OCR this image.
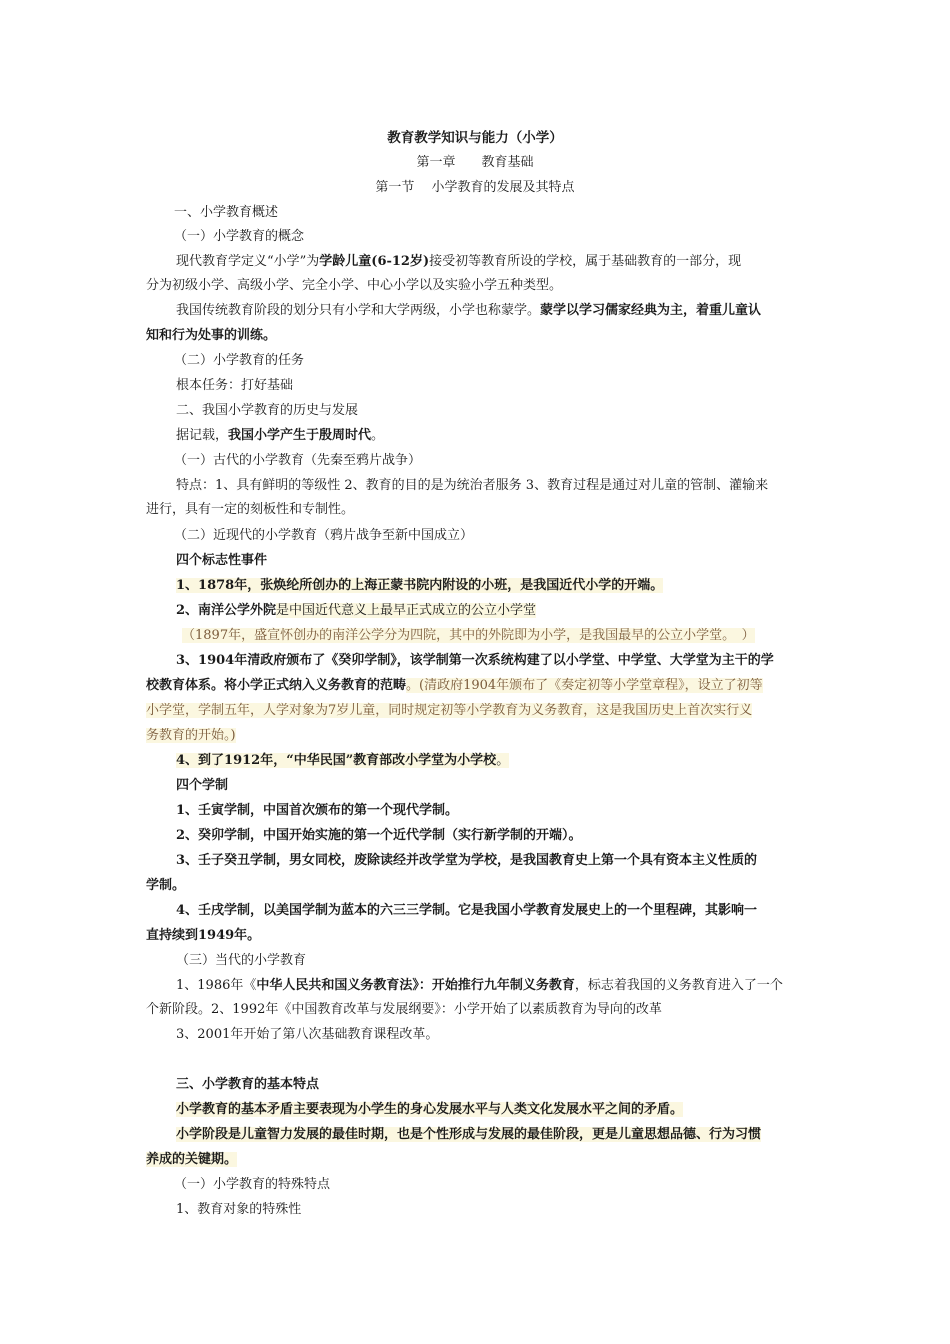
教育教学知识与能力（小学）
第一章　　教育基础
第一节　 小学教育的发展及其特点
一、小学教育概述
（一）小学教育的概念
现代教育学定义“小学”为学龄儿童(6-12岁)接受初等教育所设的学校，属于基础教育的一部分，现
分为初级小学、高级小学、完全小学、中心小学以及实验小学五种类型。
我国传统教育阶段的划分只有小学和大学两级，小学也称蒙学。蒙学以学习儒家经典为主，着重儿童认
知和行为处事的训练。
（二）小学教育的任务
根本任务：打好基础
二、我国小学教育的历史与发展
据记载，我国小学产生于殷周时代。
（一）古代的小学教育（先秦至鸦片战争）
特点：1、具有鲜明的等级性 2、教育的目的是为统治者服务 3、教育过程是通过对儿童的管制、灌输来
进行，具有一定的刻板性和专制性。
（二）近现代的小学教育（鸦片战争至新中国成立）
四个标志性事件
1、1878年，张焕纶所创办的上海正蒙书院内附设的小班，是我国近代小学的开端。
2、南洋公学外院是中国近代意义上最早正式成立的公立小学堂
（1897年，盛宣怀创办的南洋公学分为四院，其中的外院即为小学，是我国最早的公立小学堂。　）
3、1904年清政府颁布了《癸卯学制》，该学制第一次系统构建了以小学堂、中学堂、大学堂为主干的学
校教育体系。将小学正式纳入义务教育的范畴。(清政府1904年颁布了《奏定初等小学堂章程》，设立了初等
小学堂，学制五年，人学对象为7岁儿童，同时规定初等小学教育为义务教育，这是我国历史上首次实行义
务教育的开始。)
4、到了1912年，“中华民国”教育部改小学堂为小学校。
四个学制
1、壬寅学制，中国首次颁布的第一个现代学制。
2、癸卯学制，中国开始实施的第一个近代学制（实行新学制的开端）。
3、壬子癸丑学制，男女同校，废除读经并改学堂为学校，是我国教育史上第一个具有资本主义性质的
学制。
4、壬戌学制，以美国学制为蓝本的六三三学制。它是我国小学教育发展史上的一个里程碑，其影响一
直持续到1949年。
（三）当代的小学教育
1、1986年《中华人民共和国义务教育法》：开始推行九年制义务教育，标志着我国的义务教育进入了一个
个新阶段。2、1992年《中国教育改革与发展纲要》：小学开始了以素质教育为导向的改革
3、2001年开始了第八次基础教育课程改革。
三、小学教育的基本特点
小学教育的基本矛盾主要表现为小学生的身心发展水平与人类文化发展水平之间的矛盾。
小学阶段是儿童智力发展的最佳时期，也是个性形成与发展的最佳阶段，更是儿童思想品德、行为习惯
养成的关键期。
（一）小学教育的特殊特点
1、教育对象的特殊性
